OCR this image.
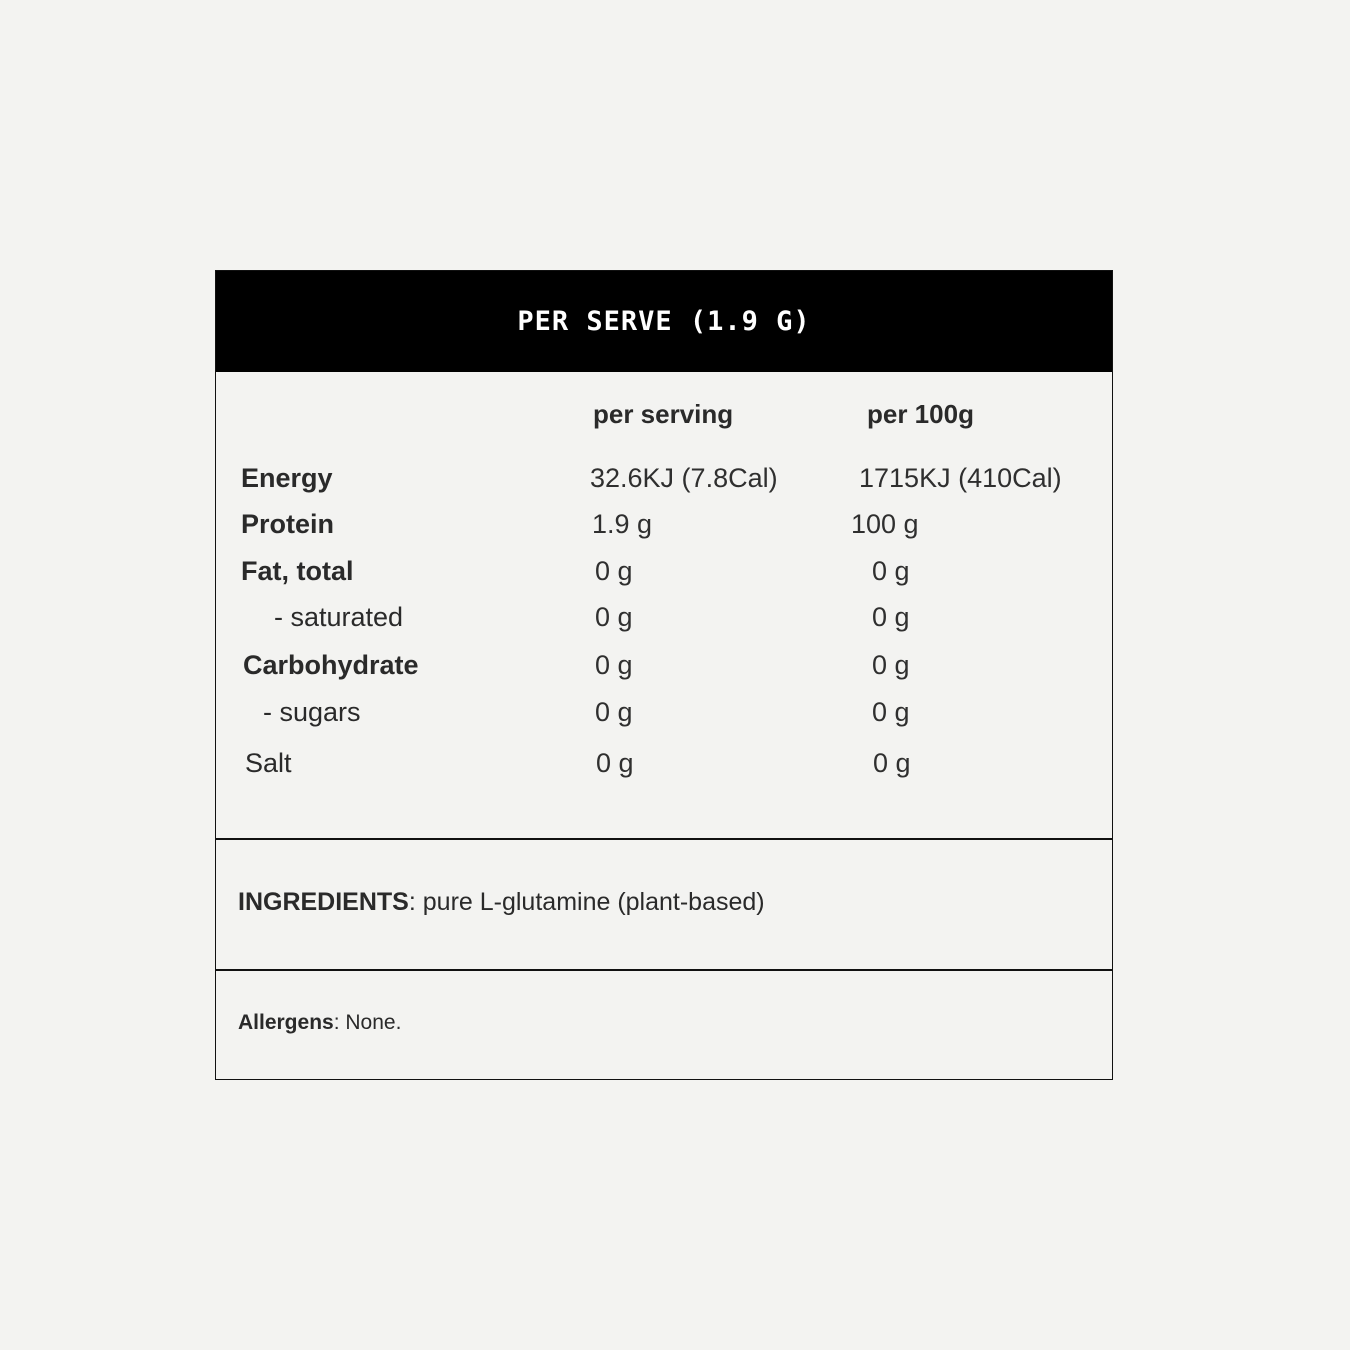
PER SERVE (1.9 G)
per serving	per 100g
Energy	32.6KJ (7.8Cal)	1715KJ (410Cal)
Protein	1.9 g	100 g
Fat, total	0 g	0 g
- saturated	0 g	0 g
Carbohydrate	0 g	0 g
- sugars	0 g	0 g
Salt	0 g	0 g
INGREDIENTS: pure L-glutamine (plant-based)
Allergens: None.
